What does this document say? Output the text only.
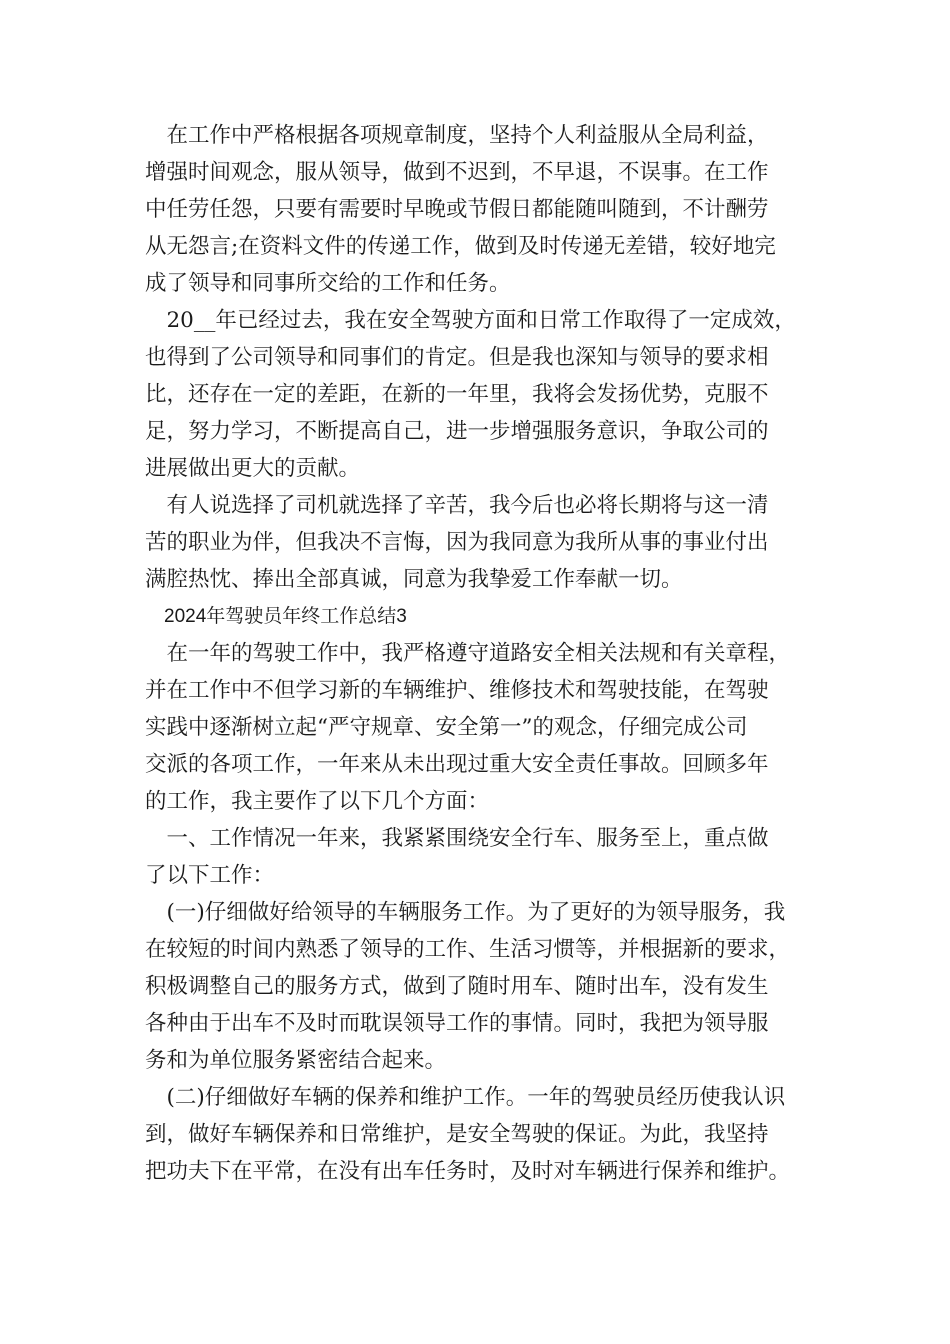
　在工作中严格根据各项规章制度，坚持个人利益服从全局利益，
增强时间观念，服从领导，做到不迟到，不早退，不误事。在工作
中任劳任怨，只要有需要时早晚或节假日都能随叫随到，不计酬劳
从无怨言;在资料文件的传递工作，做到及时传递无差错，较好地完
成了领导和同事所交给的工作和任务。
　20__年已经过去，我在安全驾驶方面和日常工作取得了一定成效，
也得到了公司领导和同事们的肯定。但是我也深知与领导的要求相
比，还存在一定的差距，在新的一年里，我将会发扬优势，克服不
足，努力学习，不断提高自己，进一步增强服务意识，争取公司的
进展做出更大的贡献。
　有人说选择了司机就选择了辛苦，我今后也必将长期将与这一清
苦的职业为伴，但我决不言悔，因为我同意为我所从事的事业付出
满腔热忱、捧出全部真诚，同意为我挚爱工作奉献一切。
　2024年驾驶员年终工作总结3
　在一年的驾驶工作中，我严格遵守道路安全相关法规和有关章程，
并在工作中不但学习新的车辆维护、维修技术和驾驶技能，在驾驶
实践中逐渐树立起“严守规章、安全第一”的观念，仔细完成公司
交派的各项工作，一年来从未出现过重大安全责任事故。回顾多年
的工作，我主要作了以下几个方面：
　一、工作情况一年来，我紧紧围绕安全行车、服务至上，重点做
了以下工作：
　(一)仔细做好给领导的车辆服务工作。为了更好的为领导服务，我
在较短的时间内熟悉了领导的工作、生活习惯等，并根据新的要求，
积极调整自己的服务方式，做到了随时用车、随时出车，没有发生
各种由于出车不及时而耽误领导工作的事情。同时，我把为领导服
务和为单位服务紧密结合起来。
　(二)仔细做好车辆的保养和维护工作。一年的驾驶员经历使我认识
到，做好车辆保养和日常维护，是安全驾驶的保证。为此，我坚持
把功夫下在平常，在没有出车任务时，及时对车辆进行保养和维护。
